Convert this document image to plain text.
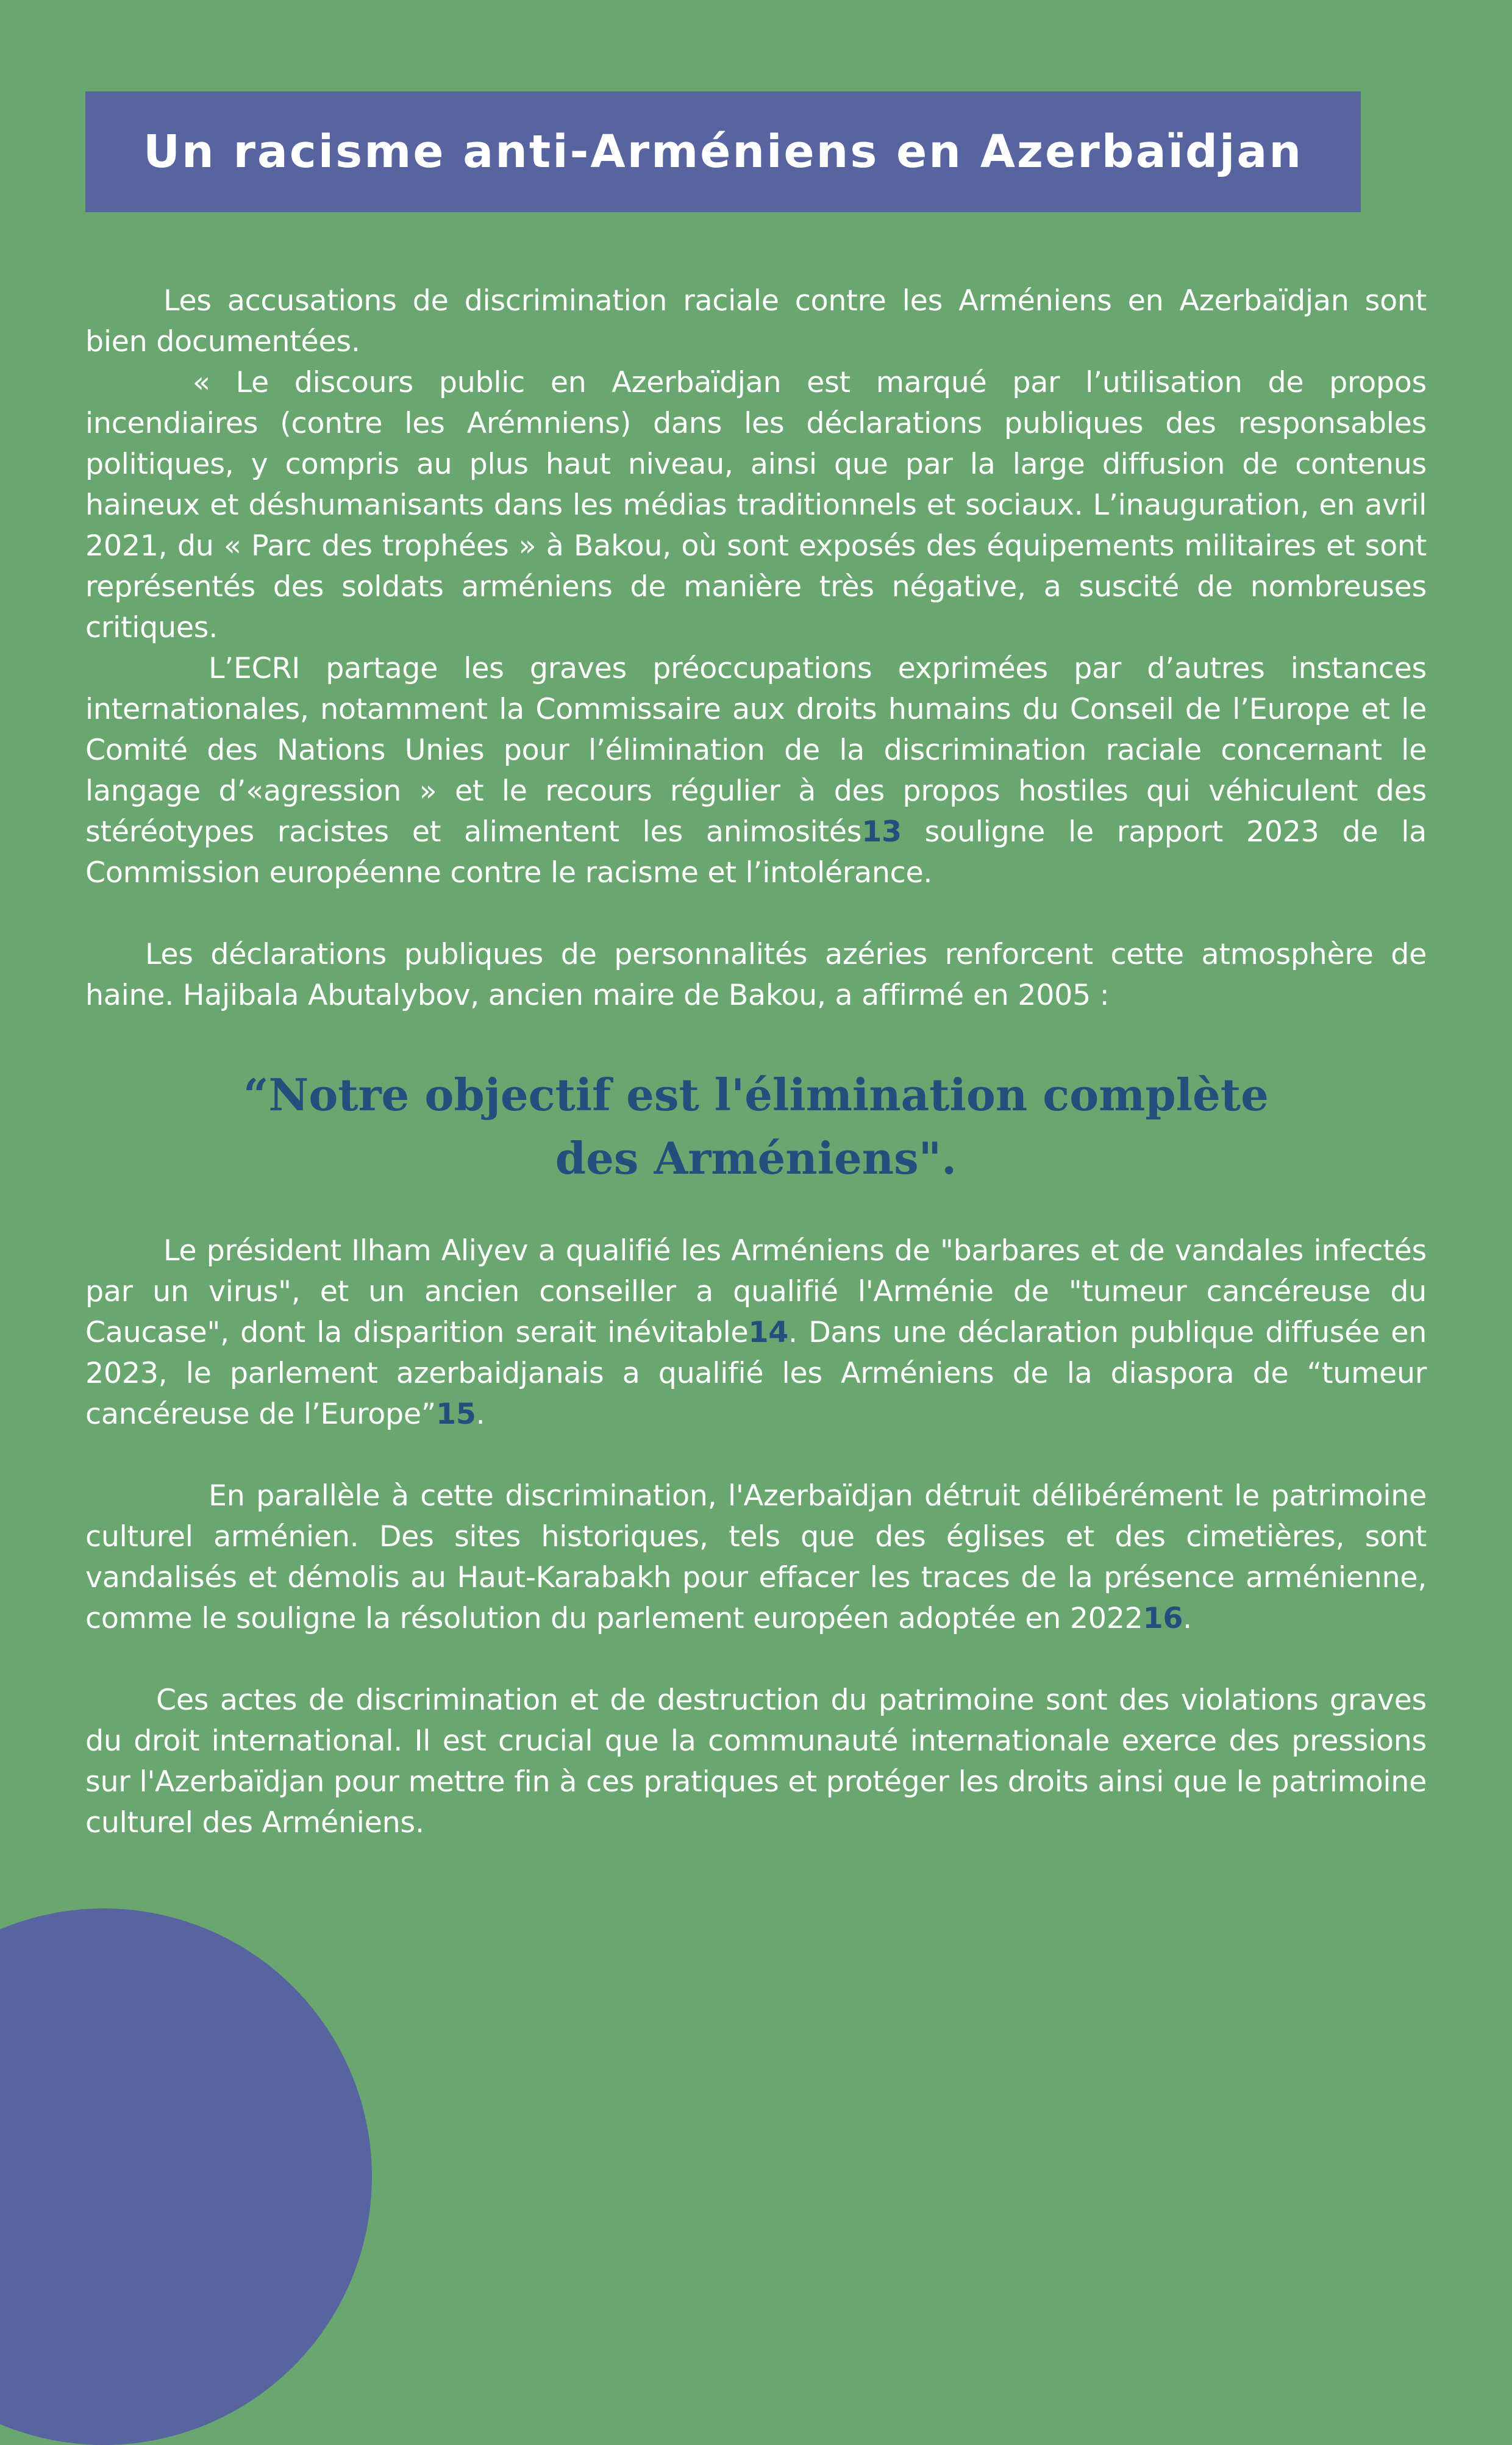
Un racisme anti-Arméniens en Azerbaïdjan

Les accusations de discrimination raciale contre les Arméniens en Azerbaïdjan sont bien documentées.

« Le discours public en Azerbaïdjan est marqué par l’utilisation de propos incendiaires (contre les Arémniens) dans les déclarations publiques des responsables politiques, y compris au plus haut niveau, ainsi que par la large diffusion de contenus haineux et déshumanisants dans les médias traditionnels et sociaux. L’inauguration, en avril 2021, du « Parc des trophées » à Bakou, où sont exposés des équipements militaires et sont représentés des soldats arméniens de manière très négative, a suscité de nombreuses critiques.

L’ECRI partage les graves préoccupations exprimées par d’autres instances internationales, notamment la Commissaire aux droits humains du Conseil de l’Europe et le Comité des Nations Unies pour l’élimination de la discrimination raciale concernant le langage d’«agression » et le recours régulier à des propos hostiles qui véhiculent des stéréotypes racistes et alimentent les animosités13 souligne le rapport 2023 de la Commission européenne contre le racisme et l’intolérance.

Les déclarations publiques de personnalités azéries renforcent cette atmosphère de haine. Hajibala Abutalybov, ancien maire de Bakou, a affirmé en 2005 :

“Notre objectif est l'élimination complète
des Arméniens".

Le président Ilham Aliyev a qualifié les Arméniens de "barbares et de vandales infectés par un virus", et un ancien conseiller a qualifié l'Arménie de "tumeur cancéreuse du Caucase", dont la disparition serait inévitable14. Dans une déclaration publique diffusée en 2023, le parlement azerbaidjanais a qualifié les Arméniens de la diaspora de “tumeur cancéreuse de l’Europe”15.

En parallèle à cette discrimination, l'Azerbaïdjan détruit délibérément le patrimoine culturel arménien. Des sites historiques, tels que des églises et des cimetières, sont vandalisés et démolis au Haut-Karabakh pour effacer les traces de la présence arménienne, comme le souligne la résolution du parlement européen adoptée en 202216.

Ces actes de discrimination et de destruction du patrimoine sont des violations graves du droit international. Il est crucial que la communauté internationale exerce des pressions sur l'Azerbaïdjan pour mettre fin à ces pratiques et protéger les droits ainsi que le patrimoine culturel des Arméniens.
